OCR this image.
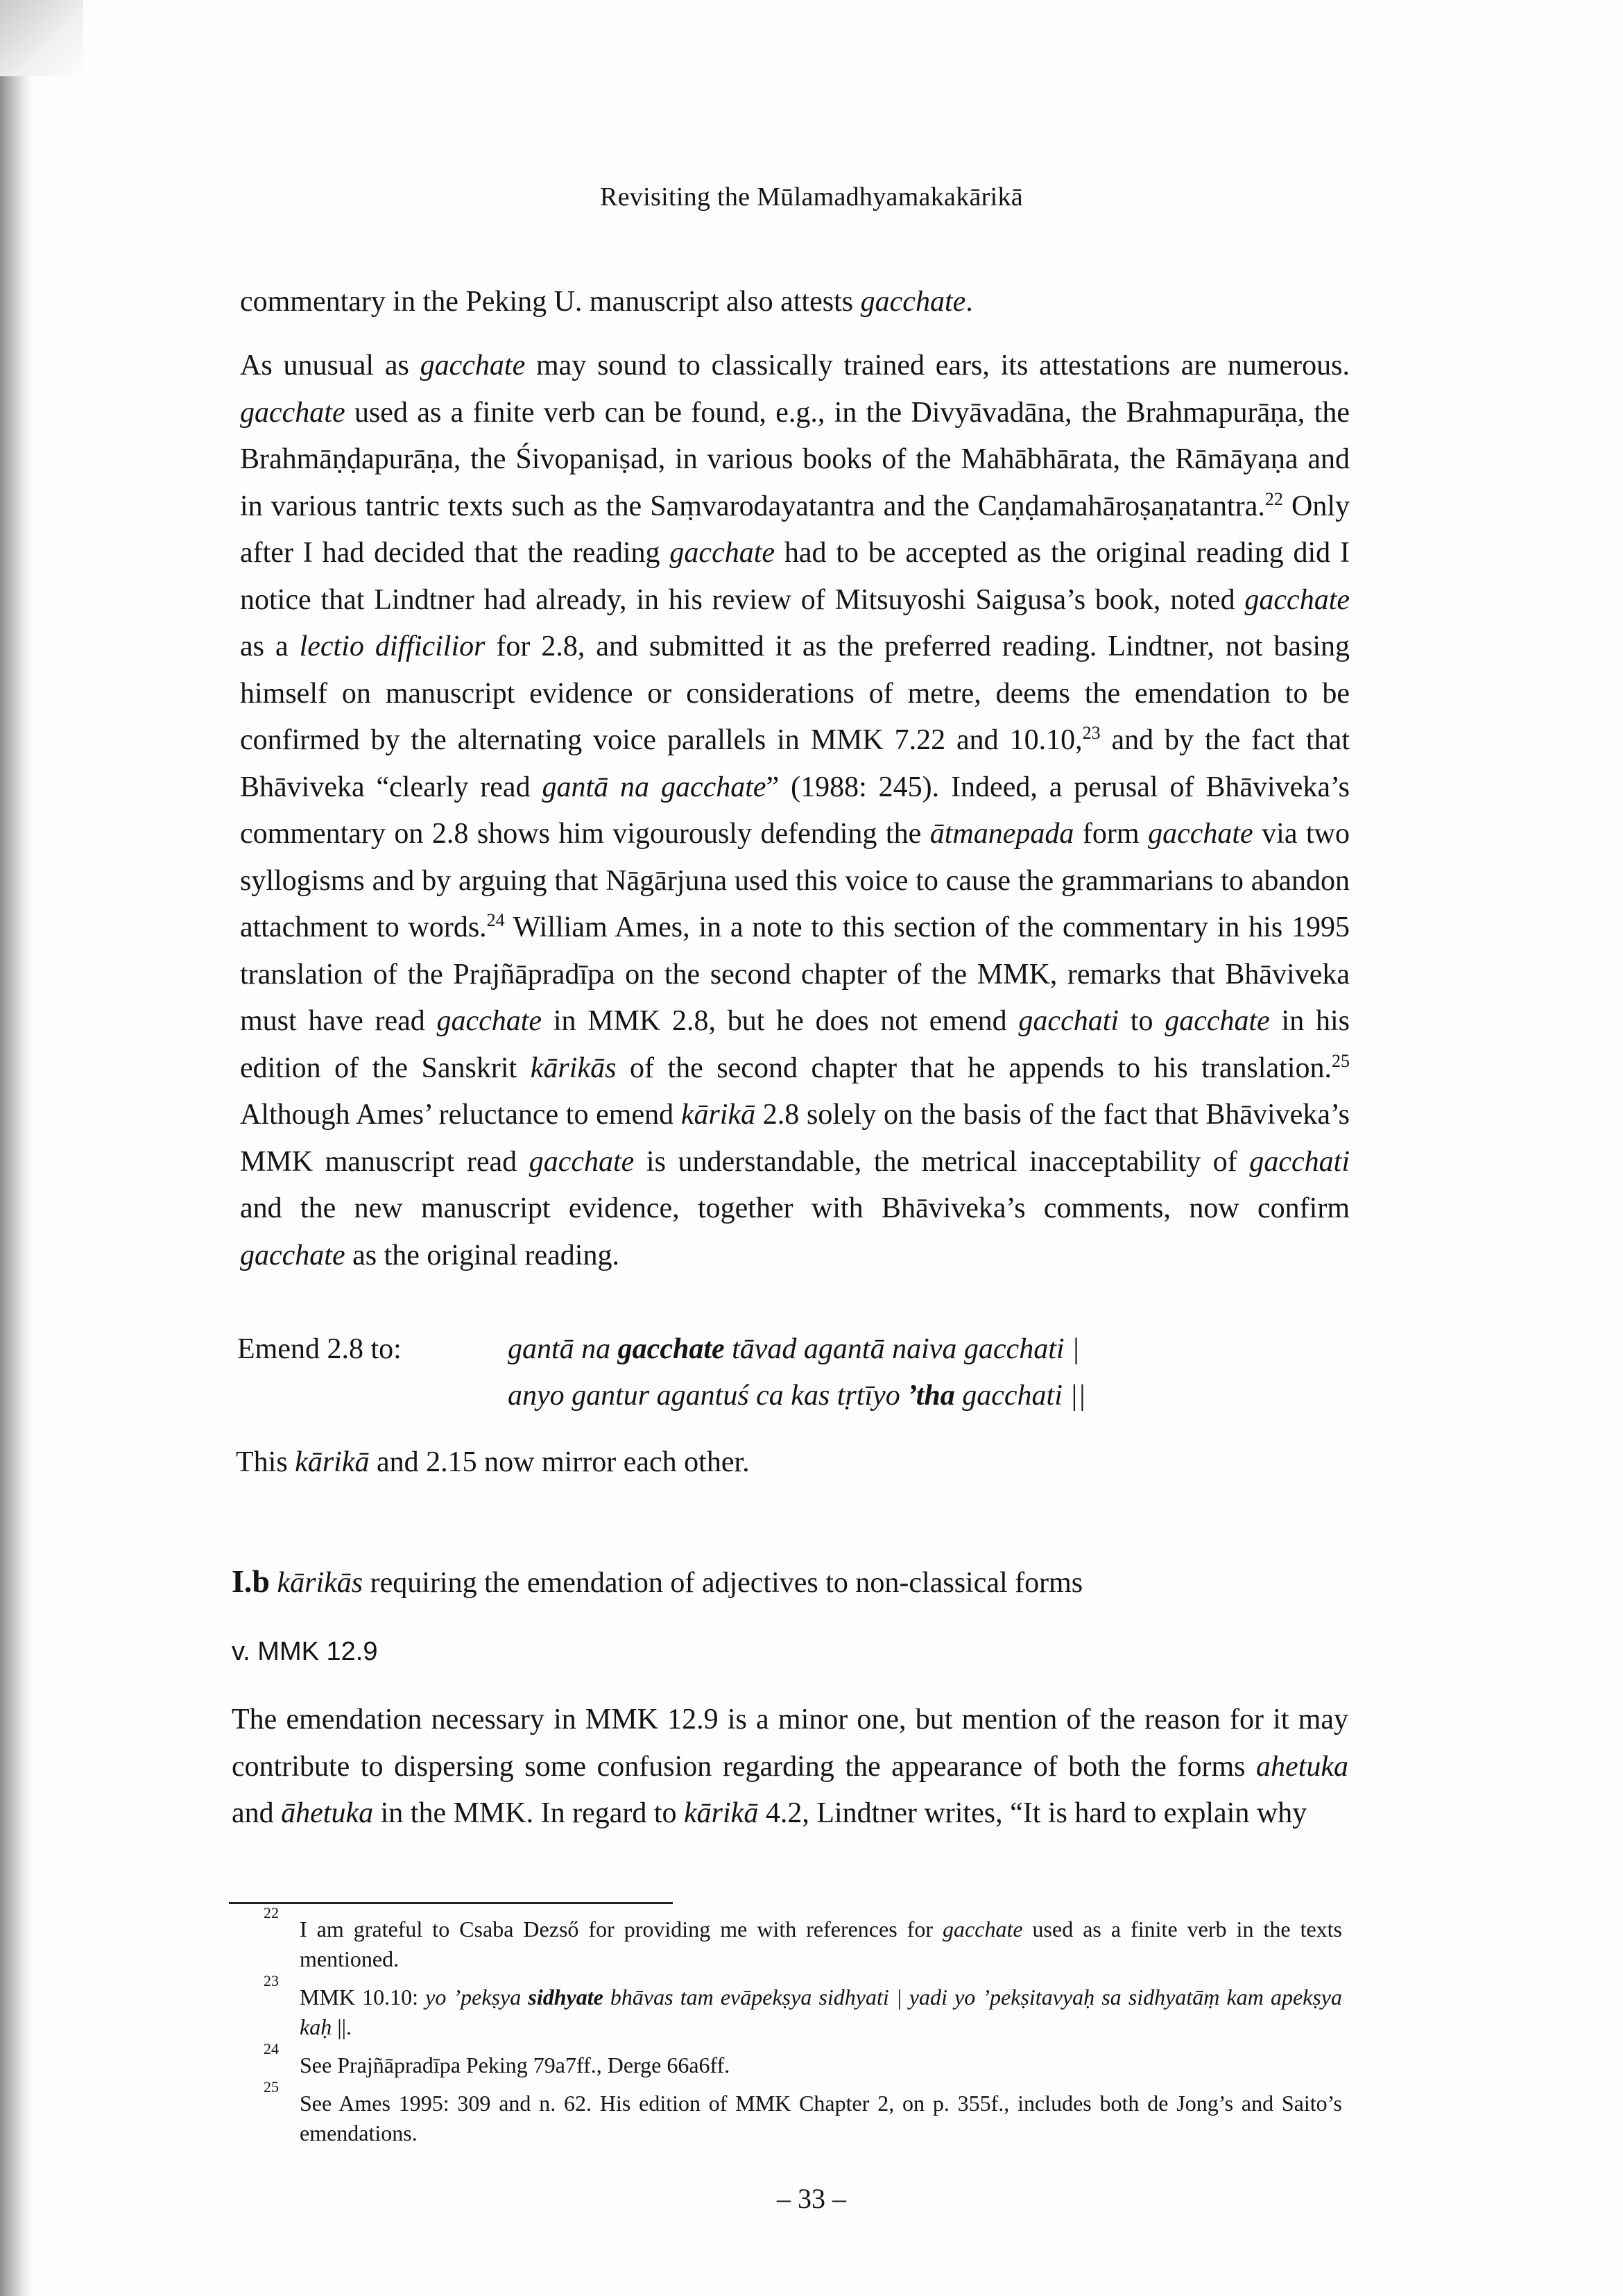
Revisiting the Mūlamadhyamakakārikā

commentary in the Peking U. manuscript also attests gacchate.

As unusual as gacchate may sound to classically trained ears, its attestations are numerous. gacchate used as a finite verb can be found, e.g., in the Divyāvadāna, the Brahmapurāṇa, the Brahmāṇḍapurāṇa, the Śivopaniṣad, in various books of the Mahābhārata, the Rāmāyaṇa and in various tantric texts such as the Saṃvarodayatantra and the Caṇḍamahāroṣaṇatantra.$^{22}$ Only after I had decided that the reading gacchate had to be accepted as the original reading did I notice that Lindtner had already, in his review of Mitsuyoshi Saigusa’s book, noted gacchate as a lectio difficilior for 2.8, and submitted it as the preferred reading. Lindtner, not basing himself on manuscript evidence or considerations of metre, deems the emendation to be confirmed by the alternating voice parallels in MMK 7.22 and 10.10,23 and by the fact that Bhāviveka “clearly read gantā na gacchate” (1988: 245). Indeed, a perusal of Bhāviveka’s commentary on 2.8 shows him vigourously defending the ātmanepada form gacchate via two syllogisms and by arguing that Nāgārjuna used this voice to cause the grammarians to abandon attachment to words.$^{24}$ William Ames, in a note to this section of the commentary in his 1995 translation of the Prajñāpradīpa on the second chapter of the MMK, remarks that Bhāviveka must have read gacchate in MMK 2.8, but he does not emend gacchati to gacchate in his edition of the Sanskrit kārikās of the second chapter that he appends to his translation.$^{25}$ Although Ames’ reluctance to emend kārikā 2.8 solely on the basis of the fact that Bhāviveka’s MMK manuscript read gacchate is understandable, the metrical inacceptability of gacchati and the new manuscript evidence, together with Bhāviveka’s comments, now confirm gacchate as the original reading.

Emend 2.8 to:	gantā na gacchate tāvad agantā naiva gacchati |
anyo gantur agantuś ca kas tṛtīyo ’tha gacchati ||
This kārikā and 2.15 now mirror each other.
I.b kārikās requiring the emendation of adjectives to non-classical forms
v. MMK 12.9

The emendation necessary in MMK 12.9 is a minor one, but mention of the reason for it may contribute to dispersing some confusion regarding the appearance of both the forms ahetuka and āhetuka in the MMK. In regard to kārikā 4.2, Lindtner writes, “It is hard to explain why

22
I am grateful to Csaba Dezső for providing me with references for gacchate used as a finite verb in the texts mentioned.

23
MMK 10.10: yo ’pekṣya sidhyate bhāvas tam evāpekṣya sidhyati | yadi yo ’pekṣitavyaḥ sa sidhyatāṃ kam apekṣya kaḥ ||.

24
See Prajñāpradīpa Peking 79a7ff., Derge 66a6ff.

25
See Ames 1995: 309 and n. 62. His edition of MMK Chapter 2, on p. 355f., includes both de Jong’s and Saito’s emendations.

– 33 –
